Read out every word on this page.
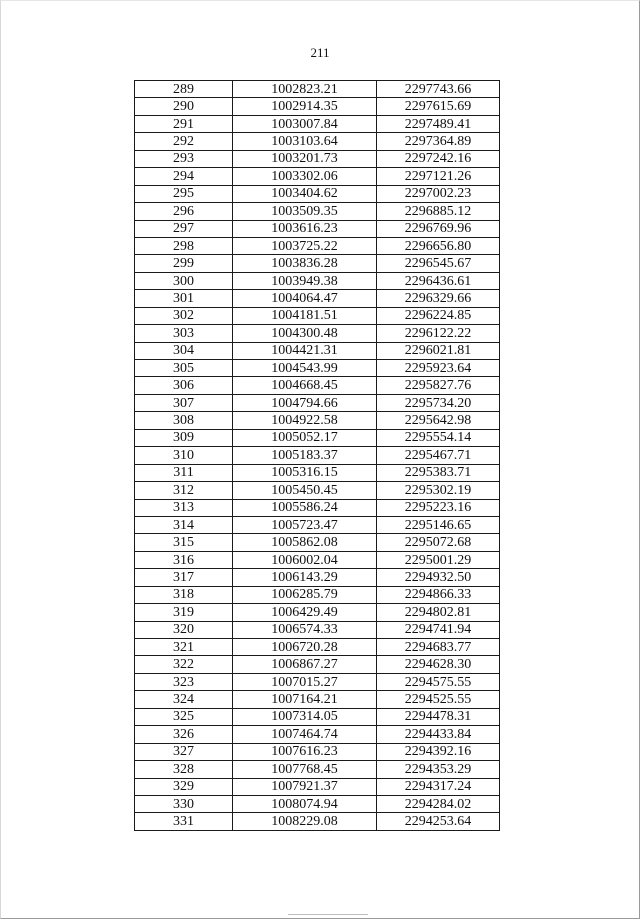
211
289	1002823.21	2297743.66
290	1002914.35	2297615.69
291	1003007.84	2297489.41
292	1003103.64	2297364.89
293	1003201.73	2297242.16
294	1003302.06	2297121.26
295	1003404.62	2297002.23
296	1003509.35	2296885.12
297	1003616.23	2296769.96
298	1003725.22	2296656.80
299	1003836.28	2296545.67
300	1003949.38	2296436.61
301	1004064.47	2296329.66
302	1004181.51	2296224.85
303	1004300.48	2296122.22
304	1004421.31	2296021.81
305	1004543.99	2295923.64
306	1004668.45	2295827.76
307	1004794.66	2295734.20
308	1004922.58	2295642.98
309	1005052.17	2295554.14
310	1005183.37	2295467.71
311	1005316.15	2295383.71
312	1005450.45	2295302.19
313	1005586.24	2295223.16
314	1005723.47	2295146.65
315	1005862.08	2295072.68
316	1006002.04	2295001.29
317	1006143.29	2294932.50
318	1006285.79	2294866.33
319	1006429.49	2294802.81
320	1006574.33	2294741.94
321	1006720.28	2294683.77
322	1006867.27	2294628.30
323	1007015.27	2294575.55
324	1007164.21	2294525.55
325	1007314.05	2294478.31
326	1007464.74	2294433.84
327	1007616.23	2294392.16
328	1007768.45	2294353.29
329	1007921.37	2294317.24
330	1008074.94	2294284.02
331	1008229.08	2294253.64
